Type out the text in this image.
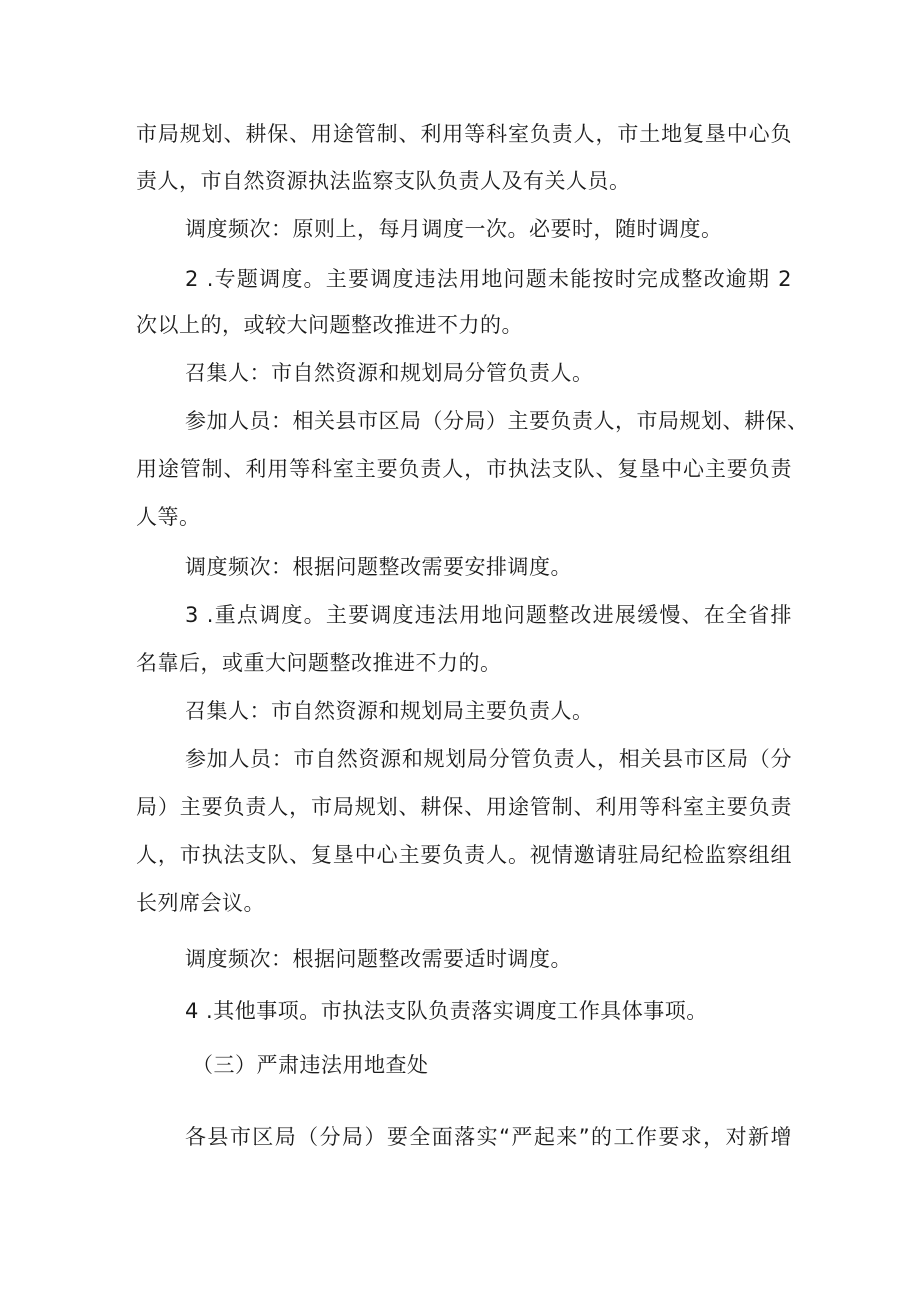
市局规划、耕保、用途管制、利用等科室负责人，市土地复垦中心负
责人，市自然资源执法监察支队负责人及有关人员。
调度频次：原则上，每月调度一次。必要时，随时调度。
2 .专题调度。主要调度违法用地问题未能按时完成整改逾期 2
次以上的，或较大问题整改推进不力的。
召集人：市自然资源和规划局分管负责人。
参加人员：相关县市区局（分局）主要负责人，市局规划、耕保、
用途管制、利用等科室主要负责人，市执法支队、复垦中心主要负责
人等。
调度频次：根据问题整改需要安排调度。
3 .重点调度。主要调度违法用地问题整改进展缓慢、在全省排
名靠后，或重大问题整改推进不力的。
召集人：市自然资源和规划局主要负责人。
参加人员：市自然资源和规划局分管负责人，相关县市区局（分
局）主要负责人，市局规划、耕保、用途管制、利用等科室主要负责
人，市执法支队、复垦中心主要负责人。视情邀请驻局纪检监察组组
长列席会议。
调度频次：根据问题整改需要适时调度。
4 .其他事项。市执法支队负责落实调度工作具体事项。
（三）严肃违法用地查处
各县市区局（分局）要全面落实“严起来”的工作要求，对新增
